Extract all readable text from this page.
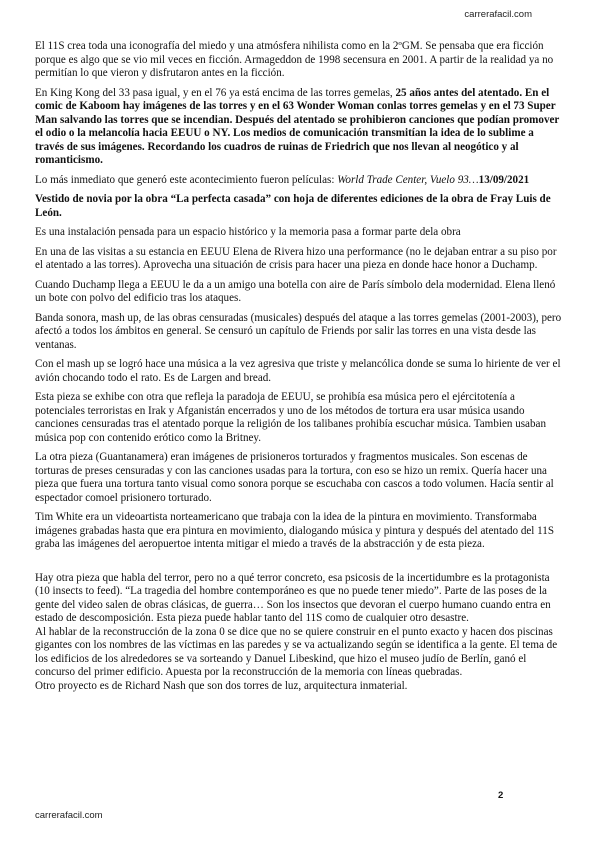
carrerafacil.com

El 11S crea toda una iconografía del miedo y una atmósfera nihilista como en la 2ºGM. Se pensaba que era ficción porque es algo que se vio mil veces en ficción. Armageddon de 1998 secensura en 2001. A partir de la realidad ya no permitían lo que vieron y disfrutaron antes en la ficción.

En King Kong del 33 pasa igual, y en el 76 ya está encima de las torres gemelas, 25 años antes del atentado. En el comic de Kaboom hay imágenes de las torres y en el 63 Wonder Woman conlas torres gemelas y en el 73 Super Man salvando las torres que se incendian. Después del atentado se prohibieron canciones que podían promover el odio o la melancolía hacia EEUU o NY. Los medios de comunicación transmitían la idea de lo sublime a través de sus imágenes. Recordando los cuadros de ruinas de Friedrich que nos llevan al neogótico y al romanticismo.

Lo más inmediato que generó este acontecimiento fueron películas: World Trade Center, Vuelo 93…13/09/2021

Vestido de novia por la obra “La perfecta casada” con hoja de diferentes ediciones de la obra de Fray Luis de León.

Es una instalación pensada para un espacio histórico y la memoria pasa a formar parte dela obra

En una de las visitas a su estancia en EEUU Elena de Rivera hizo una performance (no le dejaban entrar a su piso por el atentado a las torres). Aprovecha una situación de crisis para hacer una pieza en donde hace honor a Duchamp.

Cuando Duchamp llega a EEUU le da a un amigo una botella con aire de París símbolo dela modernidad. Elena llenó un bote con polvo del edificio tras los ataques.

Banda sonora, mash up, de las obras censuradas (musicales) después del ataque a las torres gemelas (2001-2003), pero afectó a todos los ámbitos en general. Se censuró un capítulo de Friends por salir las torres en una vista desde las ventanas.

Con el mash up se logró hace una música a la vez agresiva que triste y melancólica donde se suma lo hiriente de ver el avión chocando todo el rato. Es de Largen and bread.

Esta pieza se exhibe con otra que refleja la paradoja de EEUU, se prohibía esa música pero el ejércitotenía a potenciales terroristas en Irak y Afganistán encerrados y uno de los métodos de tortura era usar música usando canciones censuradas tras el atentado porque la religión de los talibanes prohibía escuchar música. Tambien usaban música pop con contenido erótico como la Britney.

La otra pieza (Guantanamera) eran imágenes de prisioneros torturados y fragmentos musicales. Son escenas de torturas de preses censuradas y con las canciones usadas para la tortura, con eso se hizo un remix. Quería hacer una pieza que fuera una tortura tanto visual como sonora porque se escuchaba con cascos a todo volumen. Hacía sentir al espectador comoel prisionero torturado.

Tim White era un videoartista norteamericano que trabaja con la idea de la pintura en movimiento. Transformaba imágenes grabadas hasta que era pintura en movimiento, dialogando música y pintura y después del atentado del 11S graba las imágenes del aeropuertoe intenta mitigar el miedo a través de la abstracción y de esta pieza.

Hay otra pieza que habla del terror, pero no a qué terror concreto, esa psicosis de la incertidumbre es la protagonista (10 insects to feed). “La tragedia del hombre contemporáneo es que no puede tener miedo”. Parte de las poses de la gente del video salen de obras clásicas, de guerra… Son los insectos que devoran el cuerpo humano cuando entra en estado de descomposición. Esta pieza puede hablar tanto del 11S como de cualquier otro desastre.

Al hablar de la reconstrucción de la zona 0 se dice que no se quiere construir en el punto exacto y hacen dos piscinas gigantes con los nombres de las víctimas en las paredes y se va actualizando según se identifica a la gente. El tema de los edificios de los alrededores se va sorteando y Danuel Libeskind, que hizo el museo judío de Berlín, ganó el concurso del primer edificio. Apuesta por la reconstrucción de la memoria con líneas quebradas.

Otro proyecto es de Richard Nash que son dos torres de luz, arquitectura inmaterial.

2
carrerafacil.com
